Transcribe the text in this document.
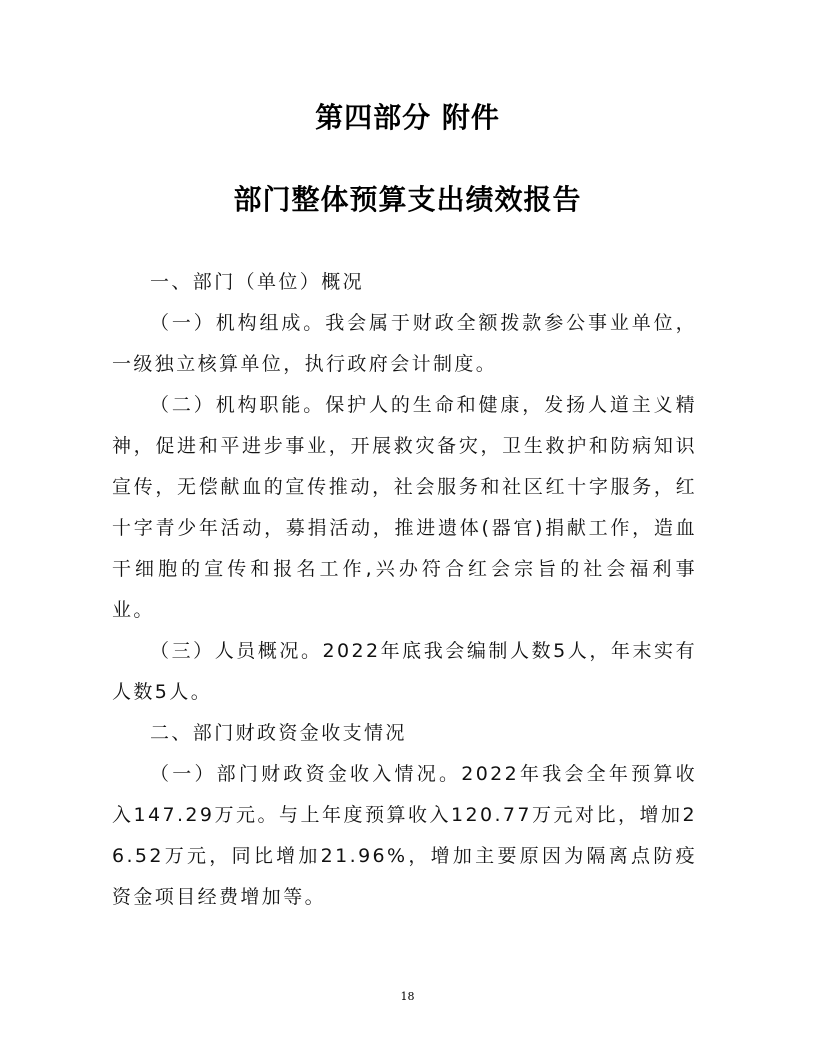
第四部分 附件
部门整体预算支出绩效报告

一、部门（单位）概况

（一）机构组成。我会属于财政全额拨款参公事业单位，一级独立核算单位，执行政府会计制度。

（二）机构职能。保护人的生命和健康，发扬人道主义精神，促进和平进步事业，开展救灾备灾，卫生救护和防病知识宣传，无偿献血的宣传推动，社会服务和社区红十字服务，红十字青少年活动，募捐活动，推进遗体(器官)捐献工作，造血干细胞的宣传和报名工作,兴办符合红会宗旨的社会福利事业。

（三）人员概况。2022年底我会编制人数5人，年末实有人数5人。

二、部门财政资金收支情况

（一）部门财政资金收入情况。2022年我会全年预算收入147.29万元。与上年度预算收入120.77万元对比，增加26.52万元，同比增加21.96%，增加主要原因为隔离点防疫资金项目经费增加等。

18
